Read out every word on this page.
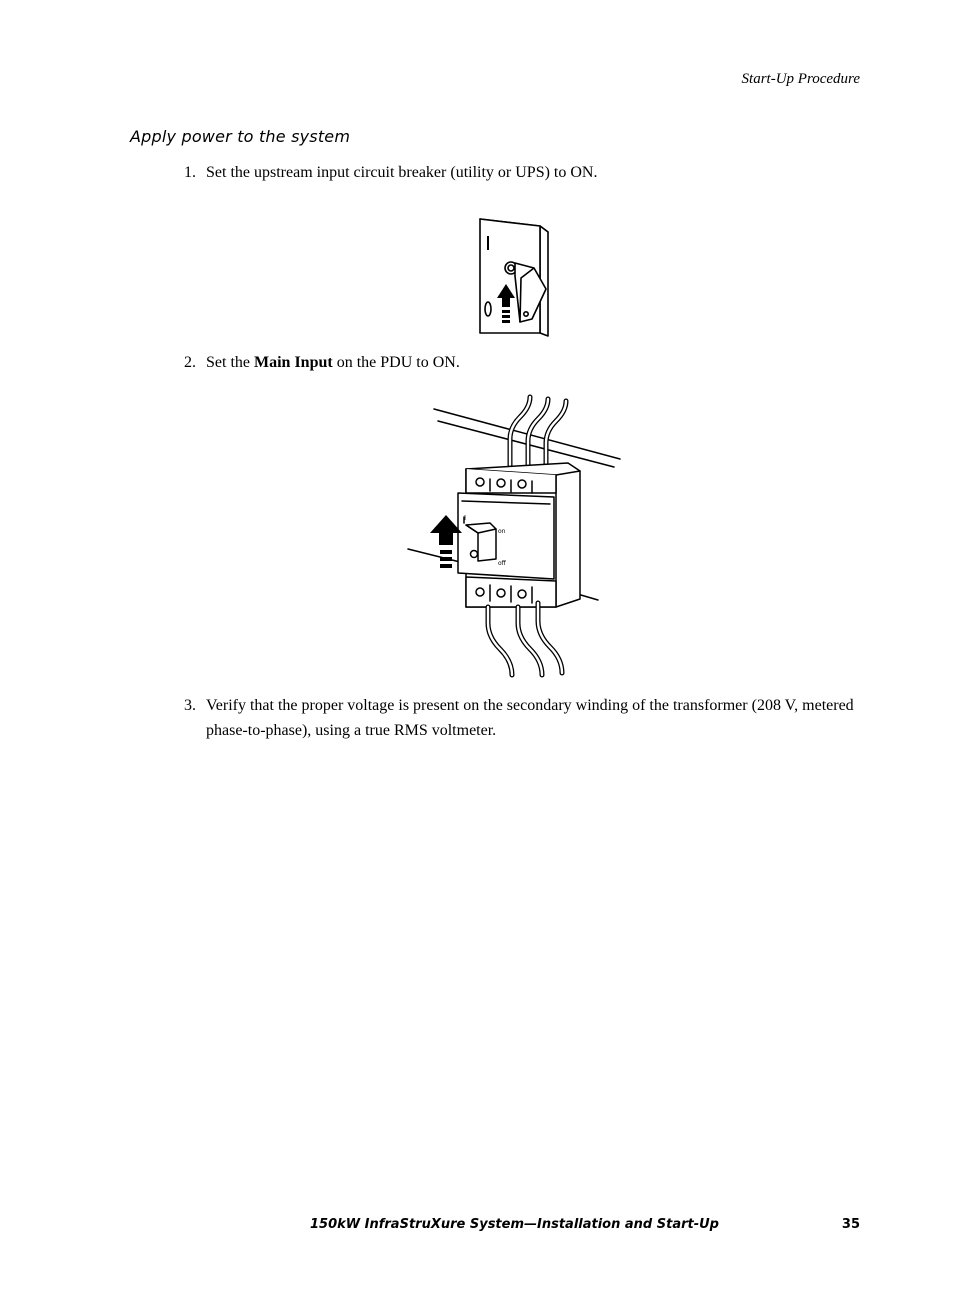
Start-Up Procedure
Apply power to the system
1. Set the upstream input circuit breaker (utility or UPS) to ON.
2. Set the Main Input on the PDU to ON.
on
off
I
3. Verify that the proper voltage is present on the secondary winding of the transformer (208 V, metered phase-to-phase), using a true RMS voltmeter.
150kW InfraStruXure System—Installation and Start-Up	35
